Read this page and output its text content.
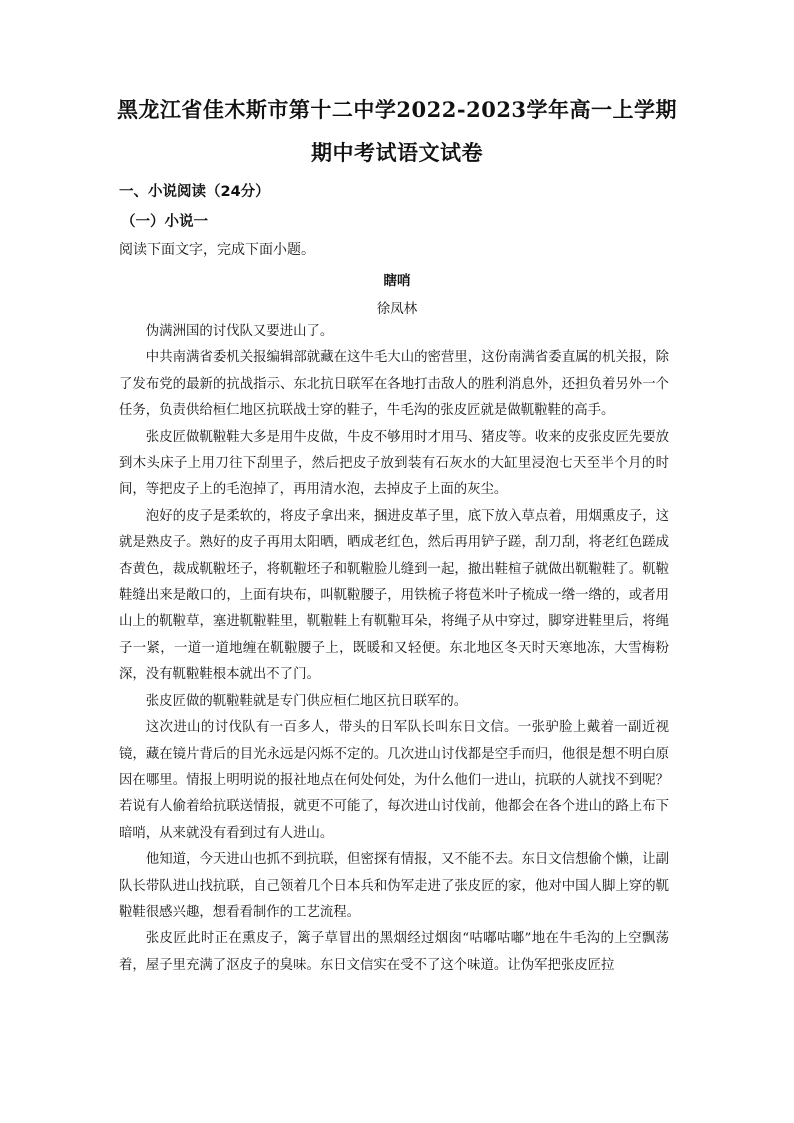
黑龙江省佳木斯市第十二中学2022-2023学年高一上学期
期中考试语文试卷
一、小说阅读（24分）
（一）小说一
阅读下面文字，完成下面小题。
瞎哨
徐凤林

伪满洲国的讨伐队又要进山了。

中共南满省委机关报编辑部就藏在这牛毛大山的密营里，这份南满省委直属的机关报，除了发布党的最新的抗战指示、东北抗日联军在各地打击敌人的胜利消息外，还担负着另外一个任务，负责供给桓仁地区抗联战士穿的鞋子，牛毛沟的张皮匠就是做靰鞡鞋的高手。

张皮匠做靰鞡鞋大多是用牛皮做，牛皮不够用时才用马、猪皮等。收来的皮张皮匠先要放到木头床子上用刀往下刮里子，然后把皮子放到装有石灰水的大缸里浸泡七天至半个月的时间，等把皮子上的毛泡掉了，再用清水泡，去掉皮子上面的灰尘。

泡好的皮子是柔软的，将皮子拿出来，捆进皮革子里，底下放入草点着，用烟熏皮子，这就是熟皮子。熟好的皮子再用太阳晒，晒成老红色，然后再用铲子蹉，刮刀刮，将老红色蹉成杏黄色，裁成靰鞡坯子，将靰鞡坯子和靰鞡脸儿缝到一起，撤出鞋楦子就做出靰鞡鞋了。靰鞡鞋缝出来是敞口的，上面有块布，叫靰鞡腰子，用铁梳子将苞米叶子梳成一绺一绺的，或者用山上的靰鞡草，塞进靰鞡鞋里，靰鞡鞋上有靰鞡耳朵，将绳子从中穿过，脚穿进鞋里后，将绳子一紧，一道一道地缠在靰鞡腰子上，既暖和又轻便。东北地区冬天时天寒地冻，大雪梅粉深，没有靰鞡鞋根本就出不了门。

张皮匠做的靰鞡鞋就是专门供应桓仁地区抗日联军的。

这次进山的讨伐队有一百多人，带头的日军队长叫东日文信。一张驴脸上戴着一副近视镜，藏在镜片背后的目光永远是闪烁不定的。几次进山讨伐都是空手而归，他很是想不明白原因在哪里。情报上明明说的报社地点在何处何处，为什么他们一进山，抗联的人就找不到呢？若说有人偷着给抗联送情报，就更不可能了，每次进山讨伐前，他都会在各个进山的路上布下暗哨，从来就没有看到过有人进山。

他知道，今天进山也抓不到抗联，但密探有情报，又不能不去。东日文信想偷个懒，让副队长带队进山找抗联，自己领着几个日本兵和伪军走进了张皮匠的家，他对中国人脚上穿的靰鞡鞋很感兴趣，想看看制作的工艺流程。

张皮匠此时正在熏皮子，篱子草冒出的黑烟经过烟囱“咕嘟咕嘟”地在牛毛沟的上空飘荡着，屋子里充满了沤皮子的臭味。东日文信实在受不了这个味道。让伪军把张皮匠拉
